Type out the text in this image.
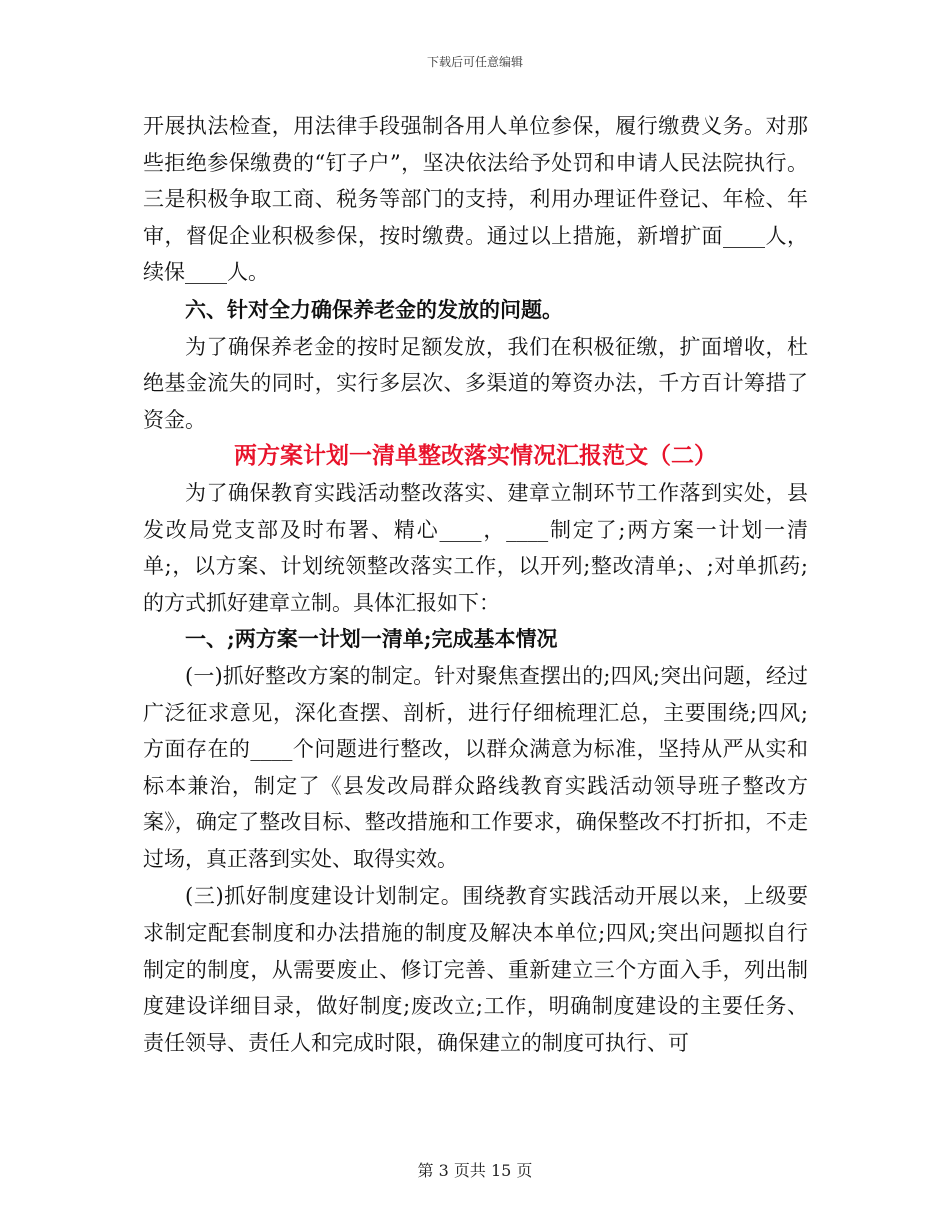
下载后可任意编辑

开展执法检查，用法律手段强制各用人单位参保，履行缴费义务。对那些拒绝参保缴费的“钉子户”，坚决依法给予处罚和申请人民法院执行。三是积极争取工商、税务等部门的支持，利用办理证件登记、年检、年审，督促企业积极参保，按时缴费。通过以上措施，新增扩面____人，续保____人。

六、针对全力确保养老金的发放的问题。

为了确保养老金的按时足额发放，我们在积极征缴，扩面增收，杜绝基金流失的同时，实行多层次、多渠道的筹资办法，千方百计筹措了资金。

两方案计划一清单整改落实情况汇报范文（二）

为了确保教育实践活动整改落实、建章立制环节工作落到实处，县发改局党支部及时布署、精心____，____制定了;两方案一计划一清单;，以方案、计划统领整改落实工作，以开列;整改清单;、;对单抓药;的方式抓好建章立制。具体汇报如下：

一、;两方案一计划一清单;完成基本情况

(一)抓好整改方案的制定。针对聚焦查摆出的;四风;突出问题，经过广泛征求意见，深化查摆、剖析，进行仔细梳理汇总，主要围绕;四风;方面存在的____个问题进行整改，以群众满意为标准，坚持从严从实和标本兼治，制定了《县发改局群众路线教育实践活动领导班子整改方案》，确定了整改目标、整改措施和工作要求，确保整改不打折扣，不走过场，真正落到实处、取得实效。

(三)抓好制度建设计划制定。围绕教育实践活动开展以来，上级要求制定配套制度和办法措施的制度及解决本单位;四风;突出问题拟自行制定的制度，从需要废止、修订完善、重新建立三个方面入手，列出制度建设详细目录，做好制度;废改立;工作，明确制度建设的主要任务、责任领导、责任人和完成时限，确保建立的制度可执行、可

第 3 页共 15 页
